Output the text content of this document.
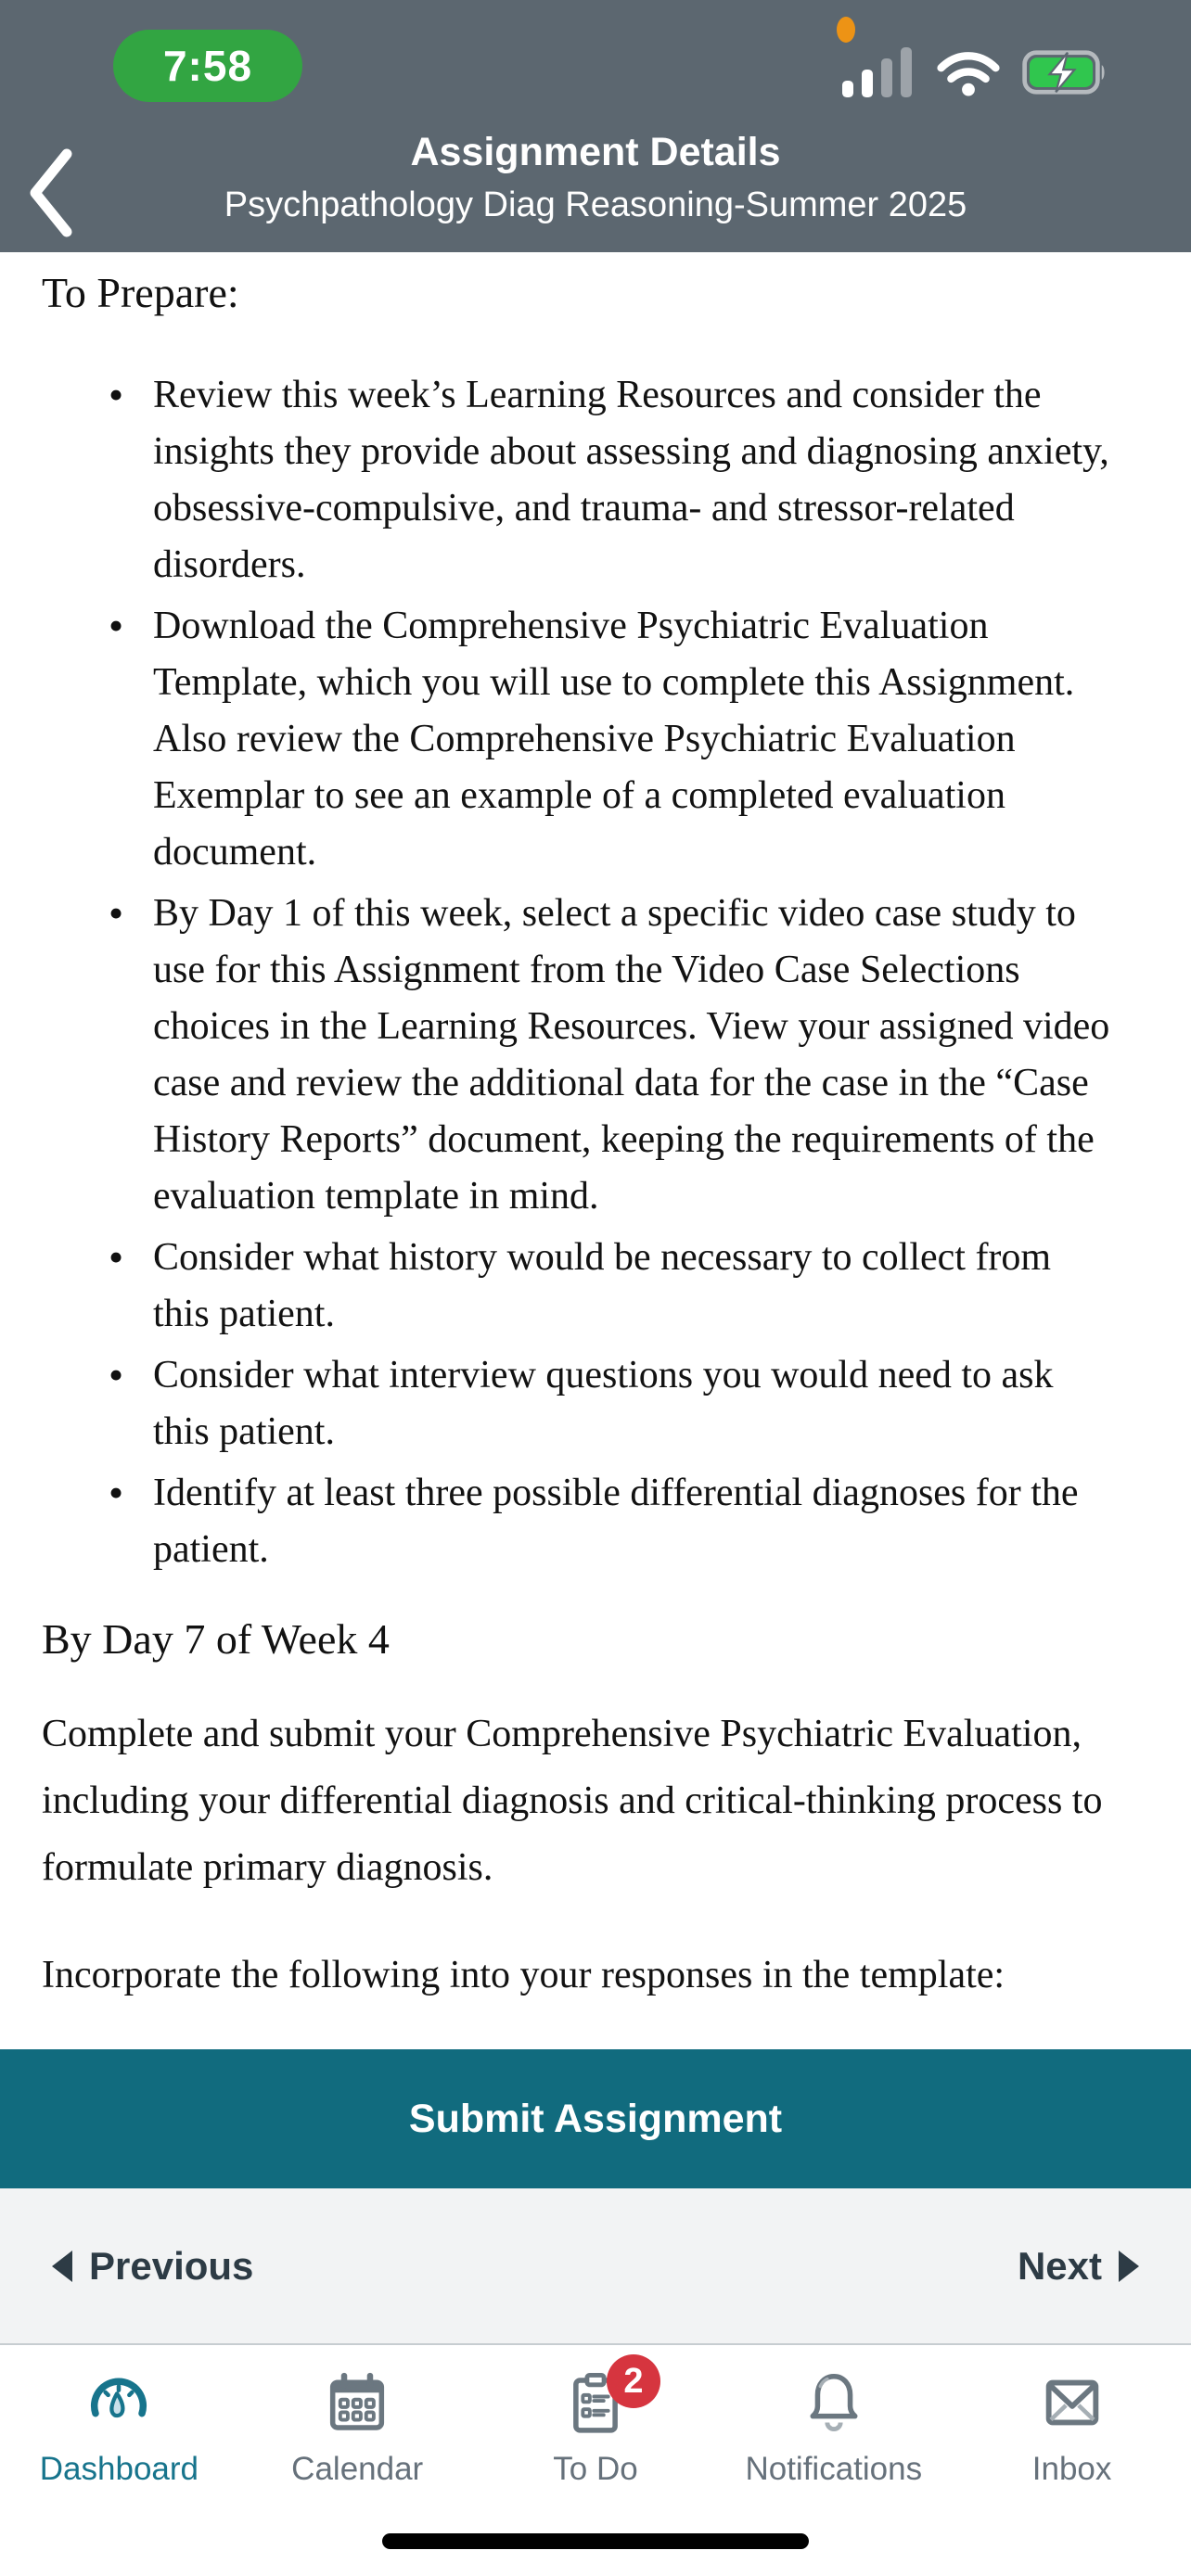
7:58
Assignment Details
Psychpathology Diag Reasoning-Summer 2025
To Prepare:
• Review this week’s Learning Resources and consider the insights they provide about assessing and diagnosing anxiety, obsessive-compulsive, and trauma- and stressor-related disorders.
• Download the Comprehensive Psychiatric Evaluation Template, which you will use to complete this Assignment. Also review the Comprehensive Psychiatric Evaluation Exemplar to see an example of a completed evaluation document.
• By Day 1 of this week, select a specific video case study to use for this Assignment from the Video Case Selections choices in the Learning Resources. View your assigned video case and review the additional data for the case in the “Case History Reports” document, keeping the requirements of the evaluation template in mind.
• Consider what history would be necessary to collect from this patient.
• Consider what interview questions you would need to ask this patient.
• Identify at least three possible differential diagnoses for the patient.
By Day 7 of Week 4

Complete and submit your Comprehensive Psychiatric Evaluation, including your differential diagnosis and critical-thinking process to formulate primary diagnosis.

Incorporate the following into your responses in the template:

Submit Assignment
Previous	Next
Dashboard	Calendar
2
To Do	Notifications	Inbox
